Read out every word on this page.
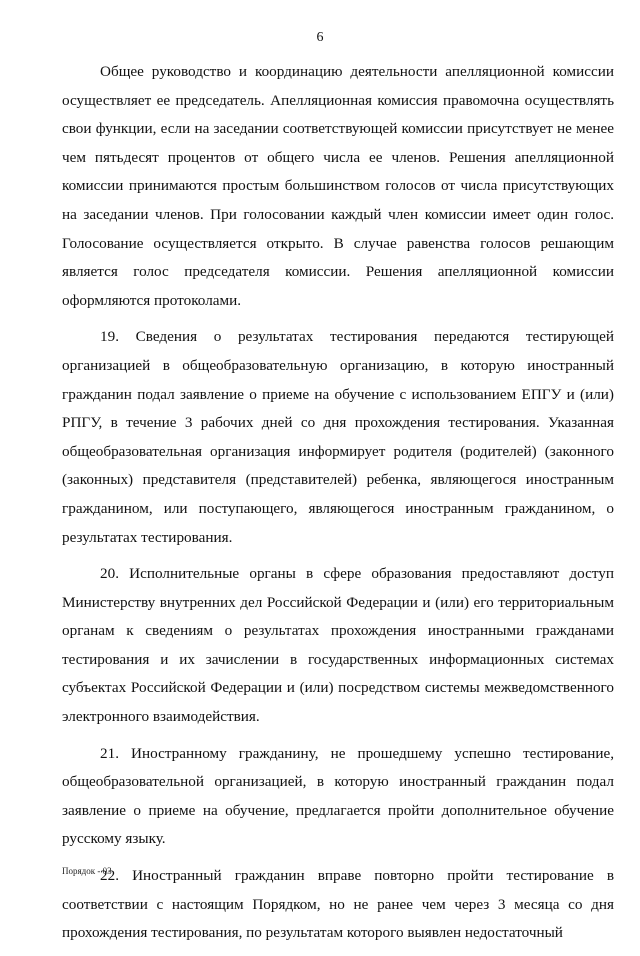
6

Общее руководство и координацию деятельности апелляционной комиссии осуществляет ее председатель. Апелляционная комиссия правомочна осуществлять свои функции, если на заседании соответствующей комиссии присутствует не менее чем пятьдесят процентов от общего числа ее членов. Решения апелляционной комиссии принимаются простым большинством голосов от числа присутствующих на заседании членов. При голосовании каждый член комиссии имеет один голос. Голосование осуществляется открыто. В случае равенства голосов решающим является голос председателя комиссии. Решения апелляционной комиссии оформляются протоколами.

19. Сведения о результатах тестирования передаются тестирующей организацией в общеобразовательную организацию, в которую иностранный гражданин подал заявление о приеме на обучение с использованием ЕПГУ и (или) РПГУ, в течение 3 рабочих дней со дня прохождения тестирования. Указанная общеобразовательная организация информирует родителя (родителей) (законного (законных) представителя (представителей) ребенка, являющегося иностранным гражданином, или поступающего, являющегося иностранным гражданином, о результатах тестирования.

20. Исполнительные органы в сфере образования предоставляют доступ Министерству внутренних дел Российской Федерации и (или) его территориальным органам к сведениям о результатах прохождения иностранными гражданами тестирования и их зачислении в государственных информационных системах субъектах Российской Федерации и (или) посредством системы межведомственного электронного взаимодействия.

21. Иностранному гражданину, не прошедшему успешно тестирование, общеобразовательной организацией, в которую иностранный гражданин подал заявление о приеме на обучение, предлагается пройти дополнительное обучение русскому языку.

22. Иностранный гражданин вправе повторно пройти тестирование в соответствии с настоящим Порядком, но не ранее чем через 3 месяца со дня прохождения тестирования, по результатам которого выявлен недостаточный

Порядок - 03
